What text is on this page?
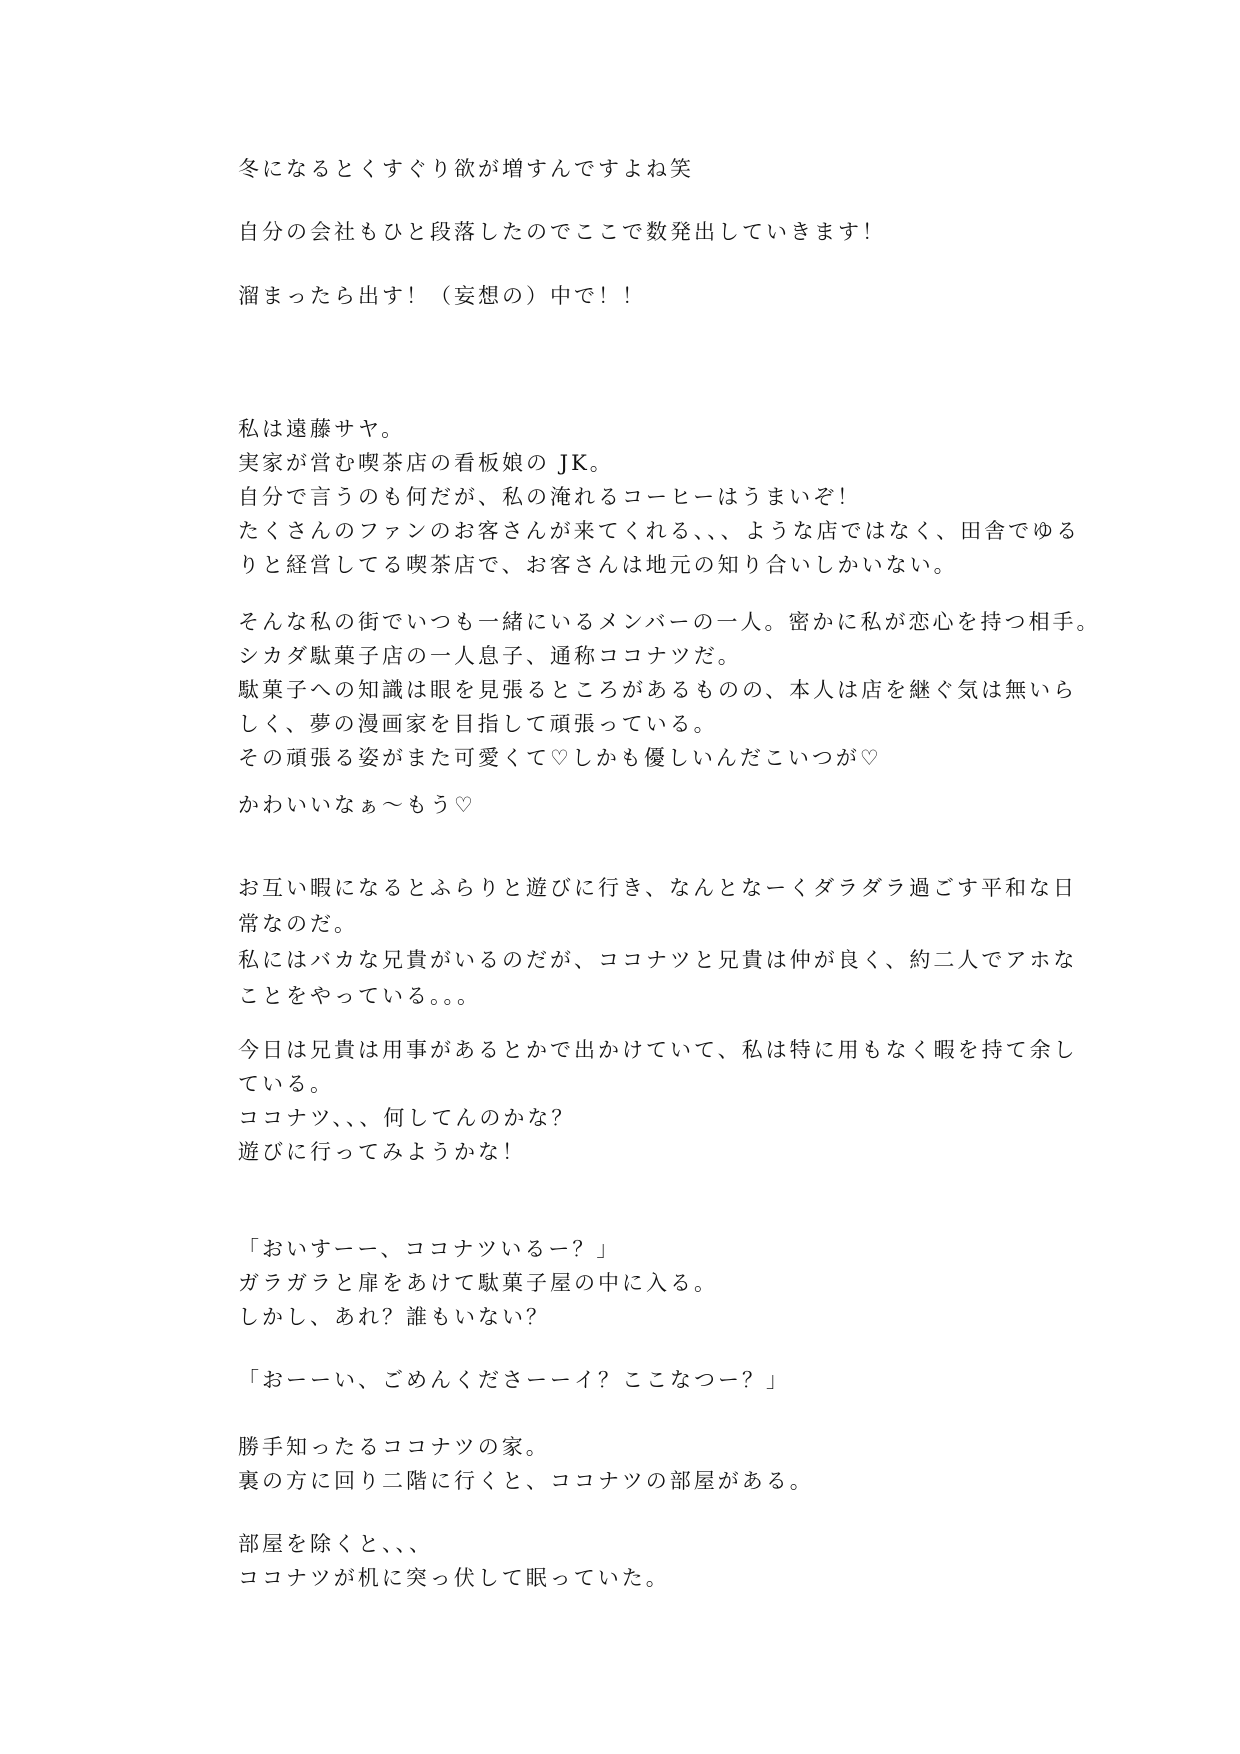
冬になるとくすぐり欲が増すんですよね笑
自分の会社もひと段落したのでここで数発出していきます！
溜まったら出す！（妄想の）中で！！
私は遠藤サヤ。
実家が営む喫茶店の看板娘の JK。
自分で言うのも何だが、私の淹れるコーヒーはうまいぞ！
たくさんのファンのお客さんが来てくれる、、、ような店ではなく、田舎でゆる
りと経営してる喫茶店で、お客さんは地元の知り合いしかいない。
そんな私の街でいつも一緒にいるメンバーの一人。密かに私が恋心を持つ相手。
シカダ駄菓子店の一人息子、通称ココナツだ。
駄菓子への知識は眼を見張るところがあるものの、本人は店を継ぐ気は無いら
しく、夢の漫画家を目指して頑張っている。
その頑張る姿がまた可愛くて♡しかも優しいんだこいつが♡
かわいいなぁ〜もう♡
お互い暇になるとふらりと遊びに行き、なんとなーくダラダラ過ごす平和な日
常なのだ。
私にはバカな兄貴がいるのだが、ココナツと兄貴は仲が良く、約二人でアホな
ことをやっている。。。
今日は兄貴は用事があるとかで出かけていて、私は特に用もなく暇を持て余し
ている。
ココナツ、、、何してんのかな？
遊びに行ってみようかな！
「おいすーー、ココナツいるー？」
ガラガラと扉をあけて駄菓子屋の中に入る。
しかし、あれ？誰もいない？
「おーーい、ごめんくださーーイ？ここなつー？」
勝手知ったるココナツの家。
裏の方に回り二階に行くと、ココナツの部屋がある。
部屋を除くと、、、
ココナツが机に突っ伏して眠っていた。
